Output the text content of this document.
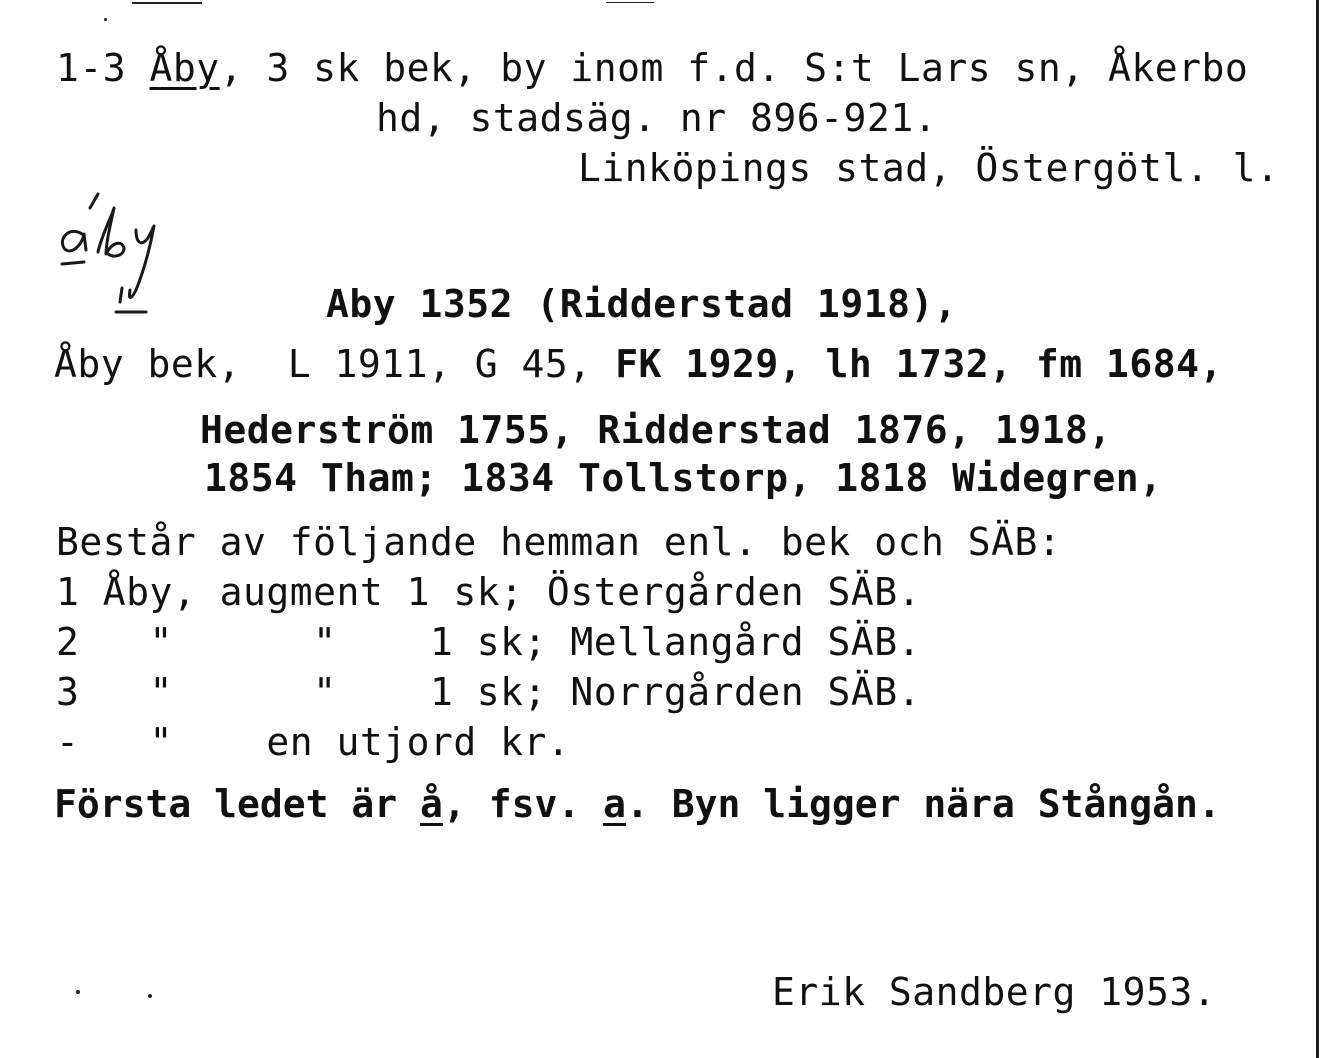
1-3 Åby, 3 sk bek, by inom f.d. S:t Lars sn, Åkerbo
hd, stadsäg. nr 896-921.
Linköpings stad, Östergötl. l.
Aby 1352 (Ridderstad 1918),
Åby bek,  L 1911, G 45, FK 1929, lh 1732, fm 1684,
Hederström 1755, Ridderstad 1876, 1918,
1854 Tham; 1834 Tollstorp, 1818 Widegren,
Består av följande hemman enl. bek och SÄB:
1 Åby, augment 1 sk; Östergården SÄB.
2   "      "    1 sk; Mellangård SÄB.
3   "      "    1 sk; Norrgården SÄB.
-   "    en utjord kr.
Första ledet är å, fsv. a. Byn ligger nära Stångån.
Erik Sandberg 1953.
